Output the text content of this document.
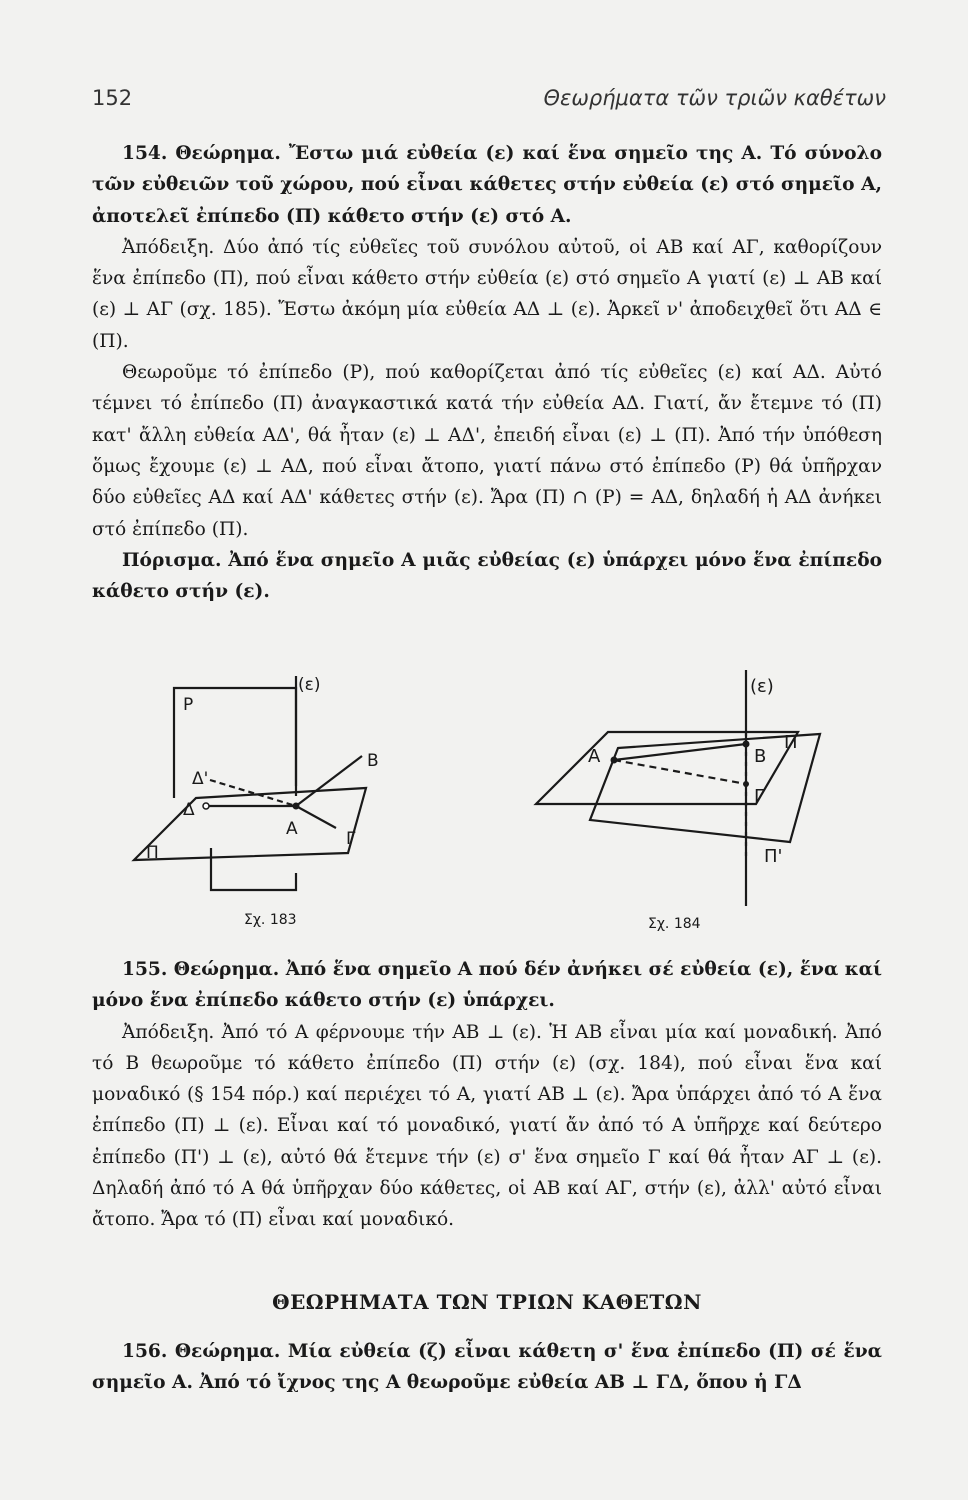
152	Θεωρήματα τῶν τριῶν καθέτων

154. Θεώρημα. Ἔστω μιά εὐθεία (ε) καί ἕνα σημεῖο της Α. Τό σύνολο τῶν εὐθειῶν τοῦ χώρου, πού εἶναι κάθετες στήν εὐθεία (ε) στό σημεῖο Α, ἀποτελεῖ ἐπίπεδο (Π) κάθετο στήν (ε) στό Α.

Ἀπόδειξη. Δύο ἀπό τίς εὐθεῖες τοῦ συνόλου αὐτοῦ, οἱ ΑΒ καί ΑΓ, καθορίζουν ἕνα ἐπίπεδο (Π), πού εἶναι κάθετο στήν εὐθεία (ε) στό σημεῖο Α γιατί (ε) ⊥ ΑΒ καί (ε) ⊥ ΑΓ (σχ. 185). Ἔστω ἀκόμη μία εὐθεία ΑΔ ⊥ (ε). Ἀρκεῖ ν' ἀποδειχθεῖ ὅτι ΑΔ ∈ (Π).

Θεωροῦμε τό ἐπίπεδο (Ρ), πού καθορίζεται ἀπό τίς εὐθεῖες (ε) καί ΑΔ. Αὐτό τέμνει τό ἐπίπεδο (Π) ἀναγκαστικά κατά τήν εὐθεία ΑΔ. Γιατί, ἄν ἔτεμνε τό (Π) κατ' ἄλλη εὐθεία ΑΔ', θά ἦταν (ε) ⊥ ΑΔ', ἐπειδή εἶναι (ε) ⊥ (Π). Ἀπό τήν ὑπόθεση ὅμως ἔχουμε (ε) ⊥ ΑΔ, πού εἶναι ἄτοπο, γιατί πάνω στό ἐπίπεδο (Ρ) θά ὑπῆρχαν δύο εὐθεῖες ΑΔ καί ΑΔ' κάθετες στήν (ε). Ἄρα (Π) ∩ (Ρ) = ΑΔ, δηλαδή ἡ ΑΔ ἀνήκει στό ἐπίπεδο (Π).

Πόρισμα. Ἀπό ἕνα σημεῖο Α μιᾶς εὐθείας (ε) ὑπάρχει μόνο ἕνα ἐπίπεδο κάθετο στήν (ε).

P
(ε)
B
Δ'
Δ
A	Γ
Π
Σχ. 183
(ε)
Π
A	B
Γ
Π'
Σχ. 184

155. Θεώρημα. Ἀπό ἕνα σημεῖο Α πού δέν ἀνήκει σέ εὐθεία (ε), ἕνα καί μόνο ἕνα ἐπίπεδο κάθετο στήν (ε) ὑπάρχει.

Ἀπόδειξη. Ἀπό τό Α φέρνουμε τήν ΑΒ ⊥ (ε). Ἡ ΑΒ εἶναι μία καί μοναδική. Ἀπό τό Β θεωροῦμε τό κάθετο ἐπίπεδο (Π) στήν (ε) (σχ. 184), πού εἶναι ἕνα καί μοναδικό (§ 154 πόρ.) καί περιέχει τό Α, γιατί ΑΒ ⊥ (ε). Ἄρα ὑπάρχει ἀπό τό Α ἕνα ἐπίπεδο (Π) ⊥ (ε). Εἶναι καί τό μοναδικό, γιατί ἄν ἀπό τό Α ὑπῆρχε καί δεύτερο ἐπίπεδο (Π') ⊥ (ε), αὐτό θά ἔτεμνε τήν (ε) σ' ἕνα σημεῖο Γ καί θά ἦταν ΑΓ ⊥ (ε). Δηλαδή ἀπό τό Α θά ὑπῆρχαν δύο κάθετες, οἱ ΑΒ καί ΑΓ, στήν (ε), ἀλλ' αὐτό εἶναι ἄτοπο. Ἄρα τό (Π) εἶναι καί μοναδικό.

ΘΕΩΡΗΜΑΤΑ ΤΩΝ ΤΡΙΩΝ ΚΑΘΕΤΩΝ

156. Θεώρημα. Μία εὐθεία (ζ) εἶναι κάθετη σ' ἕνα ἐπίπεδο (Π) σέ ἕνα σημεῖο Α. Ἀπό τό ἴχνος της Α θεωροῦμε εὐθεία ΑΒ ⊥ ΓΔ, ὅπου ἡ ΓΔ
